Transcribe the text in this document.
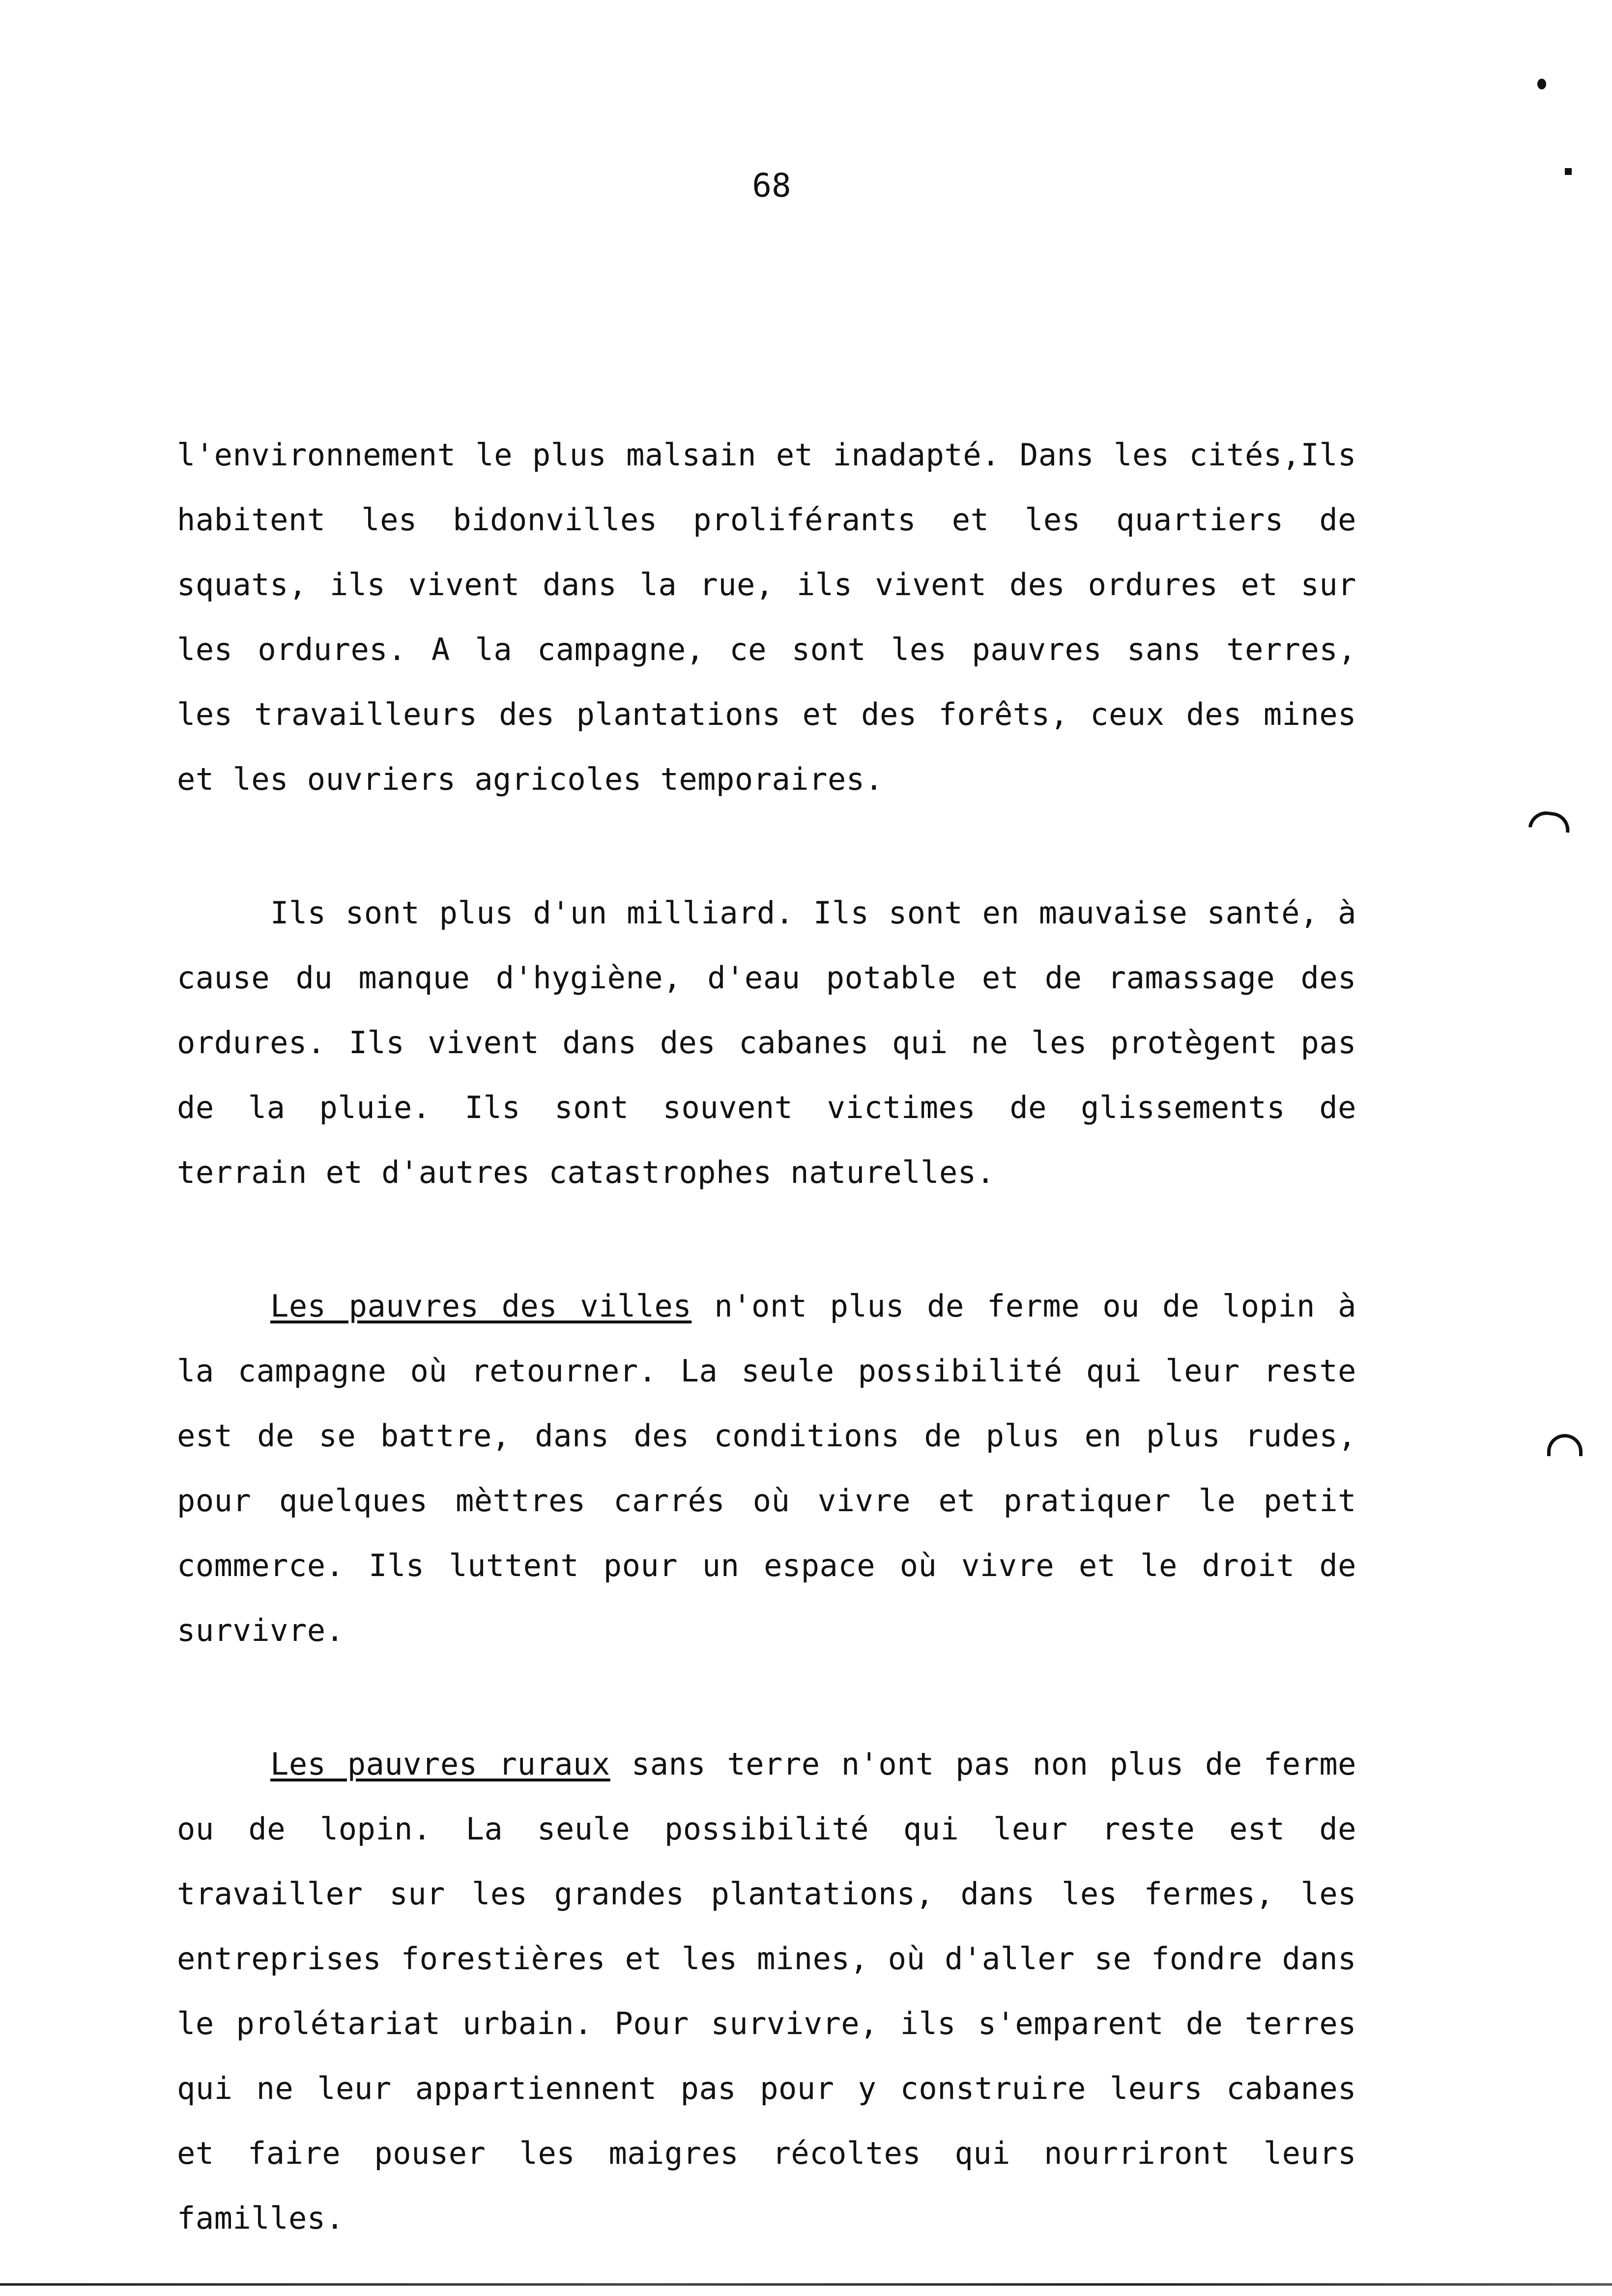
68

l'environnement le plus malsain et inadapté. Dans les cités,Ils habitent les bidonvilles proliférants et les quartiers de squats, ils vivent dans la rue, ils vivent des ordures et sur les ordures. A la campagne, ce sont les pauvres sans terres, les travailleurs des plantations et des forêts, ceux des mines et les ouvriers agricoles temporaires.

Ils sont plus d'un milliard. Ils sont en mauvaise santé, à cause du manque d'hygiène, d'eau potable et de ramassage des ordures. Ils vivent dans des cabanes qui ne les protègent pas de la pluie. Ils sont souvent victimes de glissements de terrain et d'autres catastrophes naturelles.

Les pauvres des villes n'ont plus de ferme ou de lopin à la campagne où retourner. La seule possibilité qui leur reste est de se battre, dans des conditions de plus en plus rudes, pour quelques mèttres carrés où vivre et pratiquer le petit commerce. Ils luttent pour un espace où vivre et le droit de survivre.

Les pauvres ruraux sans terre n'ont pas non plus de ferme ou de lopin. La seule possibilité qui leur reste est de travailler sur les grandes plantations, dans les fermes, les entreprises forestières et les mines, où d'aller se fondre dans le prolétariat urbain. Pour survivre, ils s'emparent de terres qui ne leur appartiennent pas pour y construire leurs cabanes et faire pouser les maigres récoltes qui nourriront leurs familles.
